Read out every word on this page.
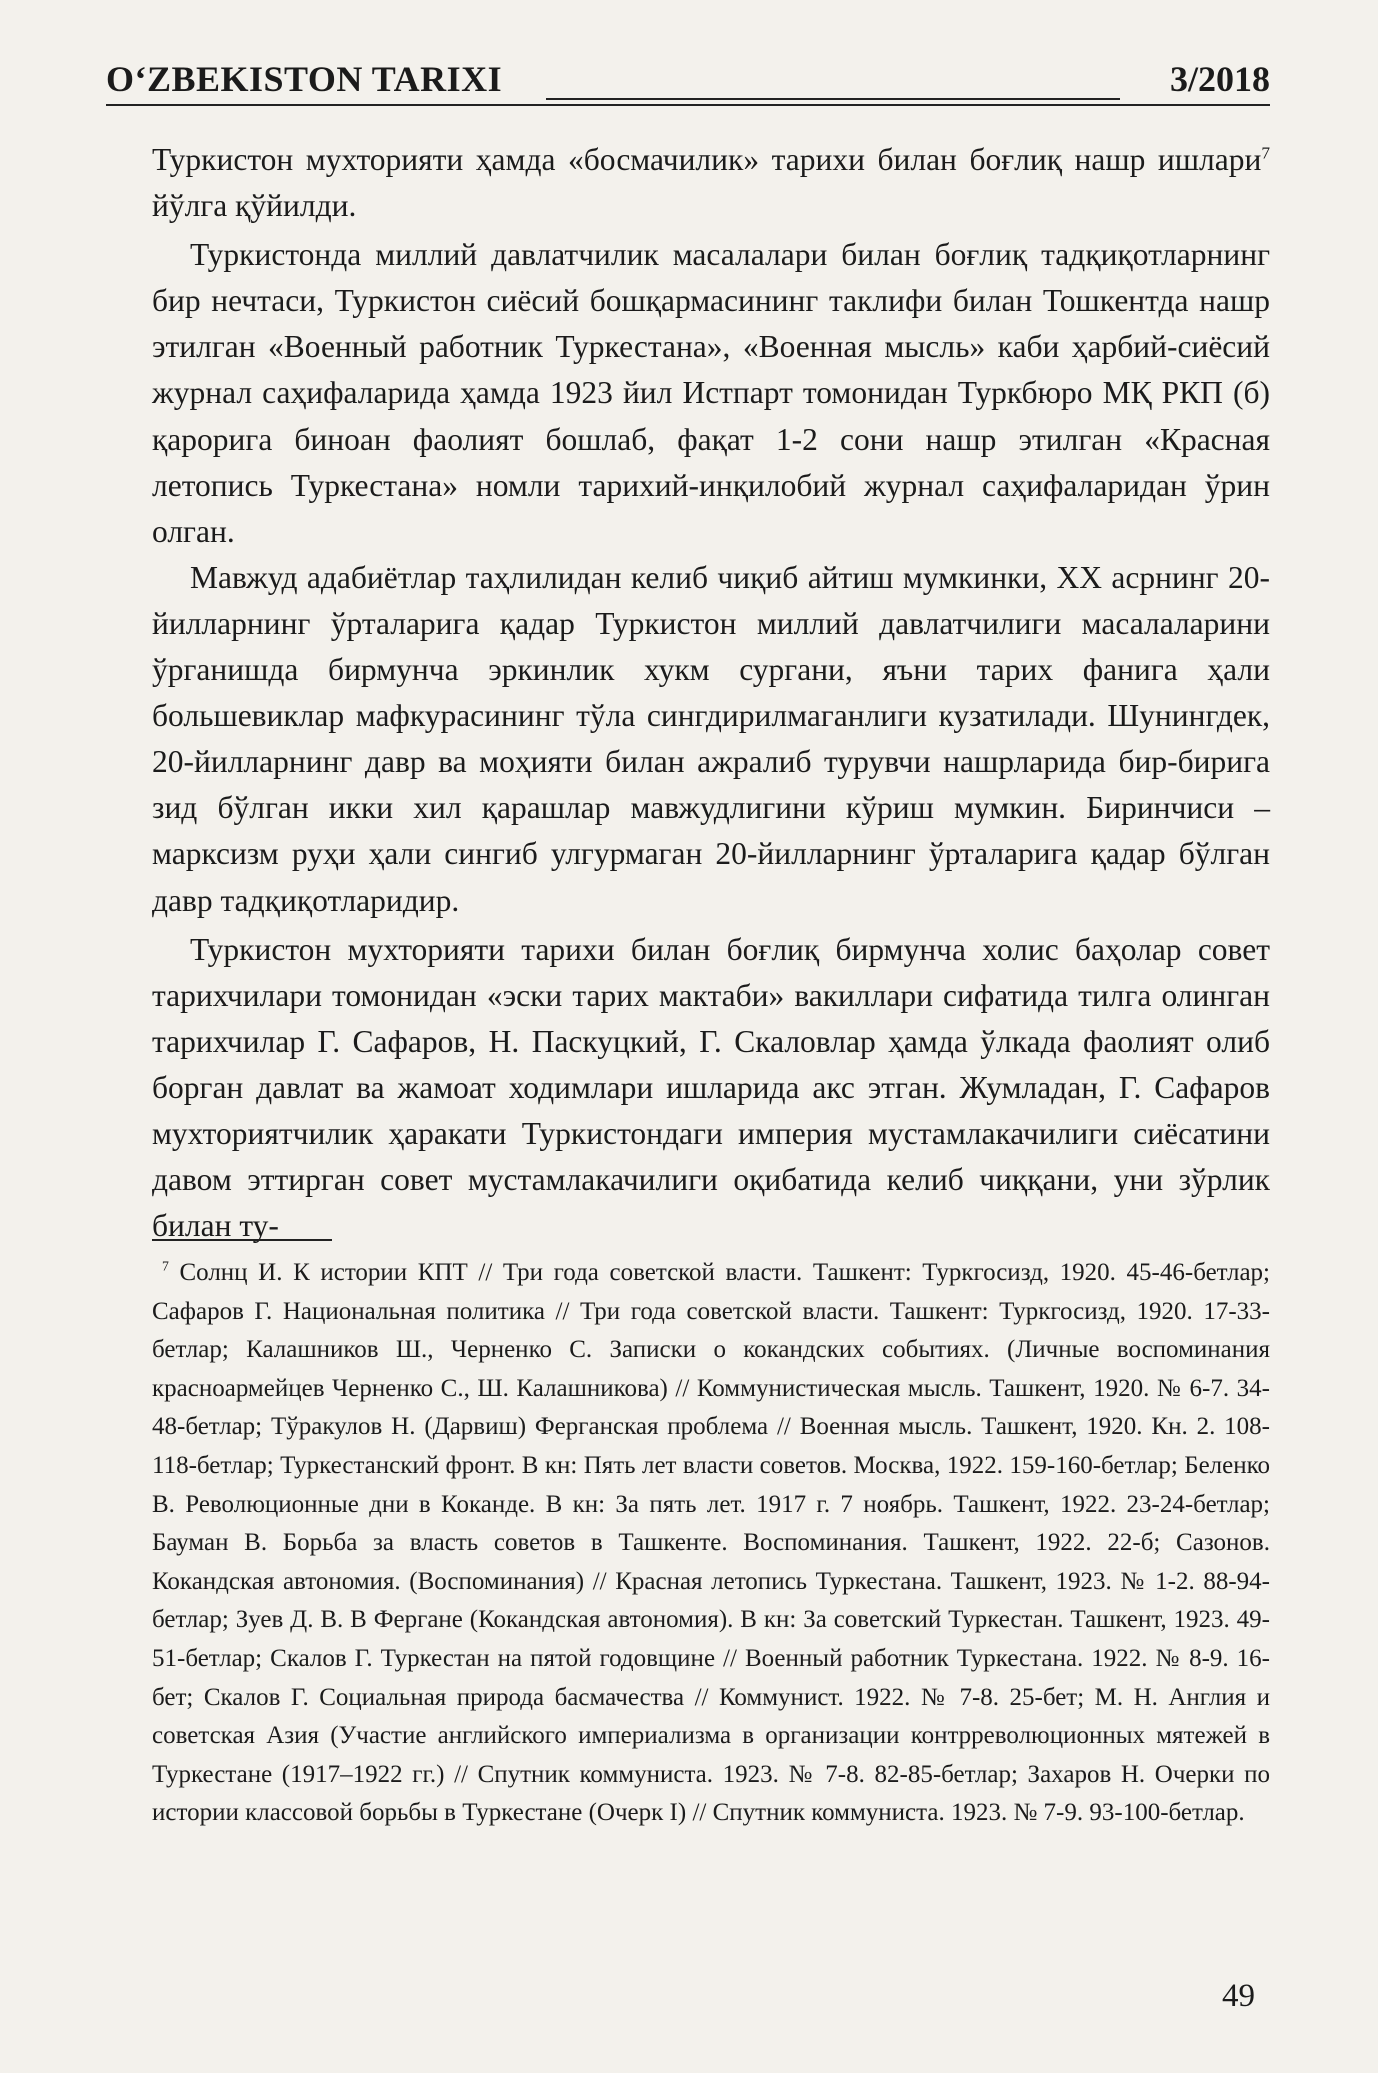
O‘ZBEKISTON TARIXI	3/2018

Туркистон мухторияти ҳамда «босмачилик» тарихи билан боғлиқ нашр ишлари$^7$ йўлга қўйилди.

Туркистонда миллий давлатчилик масалалари билан боғлиқ тадқиқотларнинг бир нечтаси, Туркистон сиёсий бошқармасининг таклифи билан Тошкентда нашр этилган «Военный работник Туркестана», «Военная мысль» каби ҳарбий-сиёсий журнал саҳифаларида ҳамда 1923 йил Истпарт томонидан Туркбюро МҚ РКП (б) қарорига биноан фаолият бошлаб, фақат 1-2 сони нашр этилган «Красная летопись Туркестана» номли тарихий-инқилобий журнал саҳифаларидан ўрин олган.

Мавжуд адабиётлар таҳлилидан келиб чиқиб айтиш мумкинки, XX асрнинг 20-йилларнинг ўрталарига қадар Туркистон миллий давлатчилиги масалаларини ўрганишда бирмунча эркинлик хукм сургани, яъни тарих фанига ҳали большевиклар мафкурасининг тўла сингдирилмаганлиги кузатилади. Шунингдек, 20-йилларнинг давр ва моҳияти билан ажралиб турувчи нашрларида бир-бирига зид бўлган икки хил қарашлар мавжудлигини кўриш мумкин. Биринчиси – марксизм руҳи ҳали сингиб улгурмаган 20-йилларнинг ўрталарига қадар бўлган давр тадқиқотларидир.

Туркистон мухторияти тарихи билан боғлиқ бирмунча холис баҳолар совет тарихчилари томонидан «эски тарих мактаби» вакиллари сифатида тилга олинган тарихчилар Г. Сафаров, Н. Паскуцкий, Г. Скаловлар ҳамда ўлкада фаолият олиб борган давлат ва жамоат ходимлари ишларида акс этган. Жумладан, Г. Сафаров мухториятчилик ҳаракати Туркистондаги империя мустамлакачилиги сиёсатини давом эттирган совет мустамлакачилиги оқибатида келиб чиққани, уни зўрлик билан ту-

$^7$ Солнц И. К истории КПТ // Три года советской власти. Ташкент: Туркгосизд, 1920. 45-46-бетлар; Сафаров Г. Национальная политика // Три года советской власти. Ташкент: Туркгосизд, 1920. 17-33-бетлар; Калашников Ш., Черненко С. Записки о кокандских событиях. (Личные воспоминания красноармейцев Черненко С., Ш. Калашникова) // Коммунистическая мысль. Ташкент, 1920. № 6-7. 34-48-бетлар; Тўракулов Н. (Дарвиш) Ферганская проблема // Военная мысль. Ташкент, 1920. Кн. 2. 108-118-бетлар; Туркестанский фронт. В кн: Пять лет власти советов. Москва, 1922. 159-160-бетлар; Беленко В. Революционные дни в Коканде. В кн: За пять лет. 1917 г. 7 ноябрь. Ташкент, 1922. 23-24-бетлар; Бауман В. Борьба за власть советов в Ташкенте. Воспоминания. Ташкент, 1922. 22-б; Сазонов. Кокандская автономия. (Воспоминания) // Красная летопись Туркестана. Ташкент, 1923. № 1-2. 88-94-бетлар; Зуев Д. В. В Фергане (Кокандская автономия). В кн: За советский Туркестан. Ташкент, 1923. 49-51-бетлар; Скалов Г. Туркестан на пятой годовщине // Военный работник Туркестана. 1922. № 8-9. 16-бет; Скалов Г. Социальная природа басмачества // Коммунист. 1922. № 7-8. 25-бет; М. Н. Англия и советская Азия (Участие английского империализма в организации контрреволюционных мятежей в Туркестане (1917–1922 гг.) // Спутник коммуниста. 1923. № 7-8. 82-85-бетлар; Захаров Н. Очерки по истории классовой борьбы в Туркестане (Очерк I) // Спутник коммуниста. 1923. № 7-9. 93-100-бетлар.

49
